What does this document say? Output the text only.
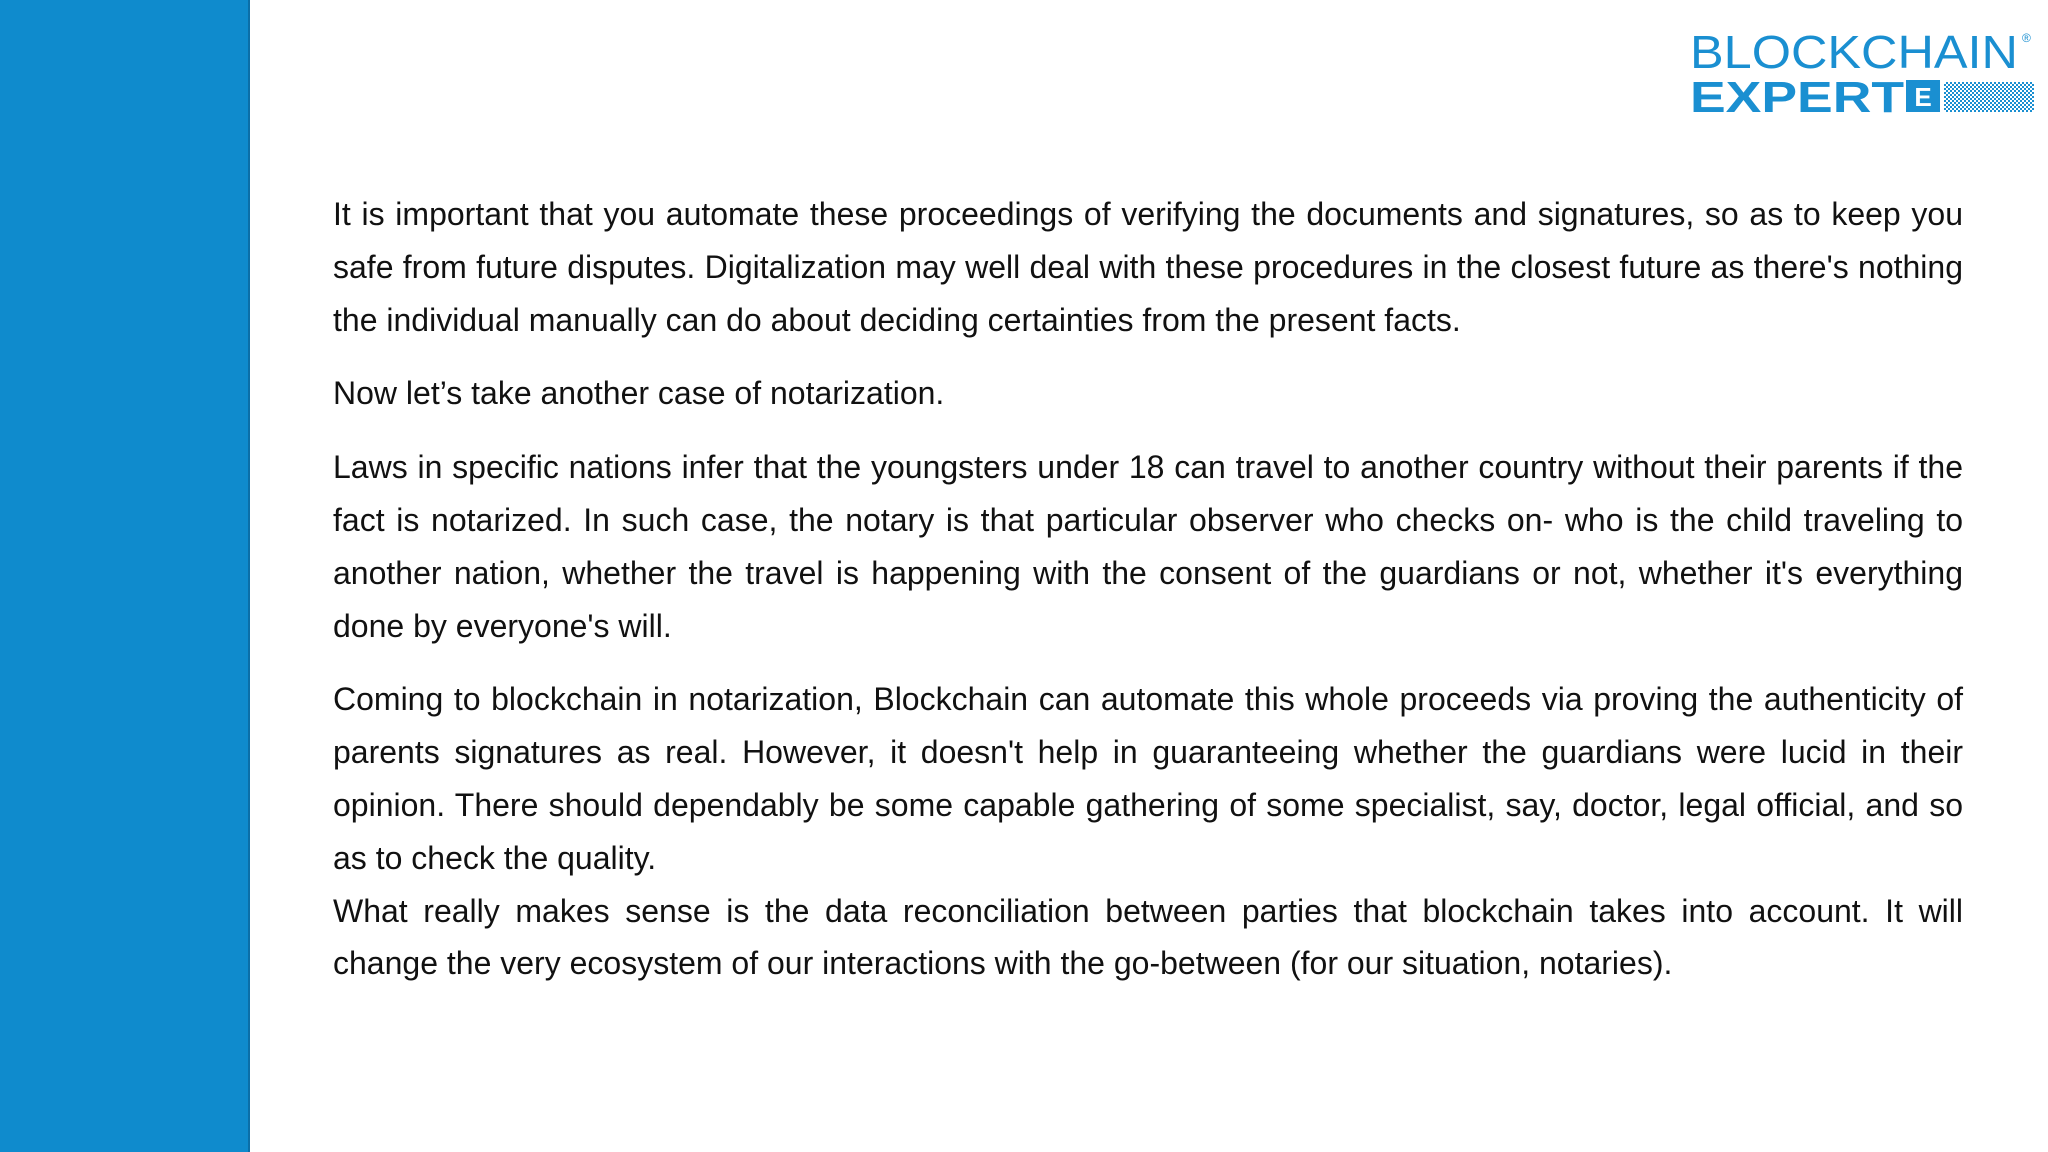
BLOCKCHAIN ®
EXPERT E

It is important that you automate these proceedings of verifying the documents and signatures, so as to keep you safe from future disputes. Digitalization may well deal with these procedures in the closest future as there's nothing the individual manually can do about deciding certainties from the present facts.

Now let’s take another case of notarization.

Laws in specific nations infer that the youngsters under 18 can travel to another country without their parents if the fact is notarized. In such case, the notary is that particular observer who checks on- who is the child traveling to another nation, whether the travel is happening with the consent of the guardians or not, whether it's everything done by everyone's will.

Coming to blockchain in notarization, Blockchain can automate this whole proceeds via proving the authenticity of parents signatures as real. However, it doesn't help in guaranteeing whether the guardians were lucid in their opinion. There should dependably be some capable gathering of some specialist, say, doctor, legal official, and so as to check the quality.

What really makes sense is the data reconciliation between parties that blockchain takes into account. It will change the very ecosystem of our interactions with the go-between (for our situation, notaries).
